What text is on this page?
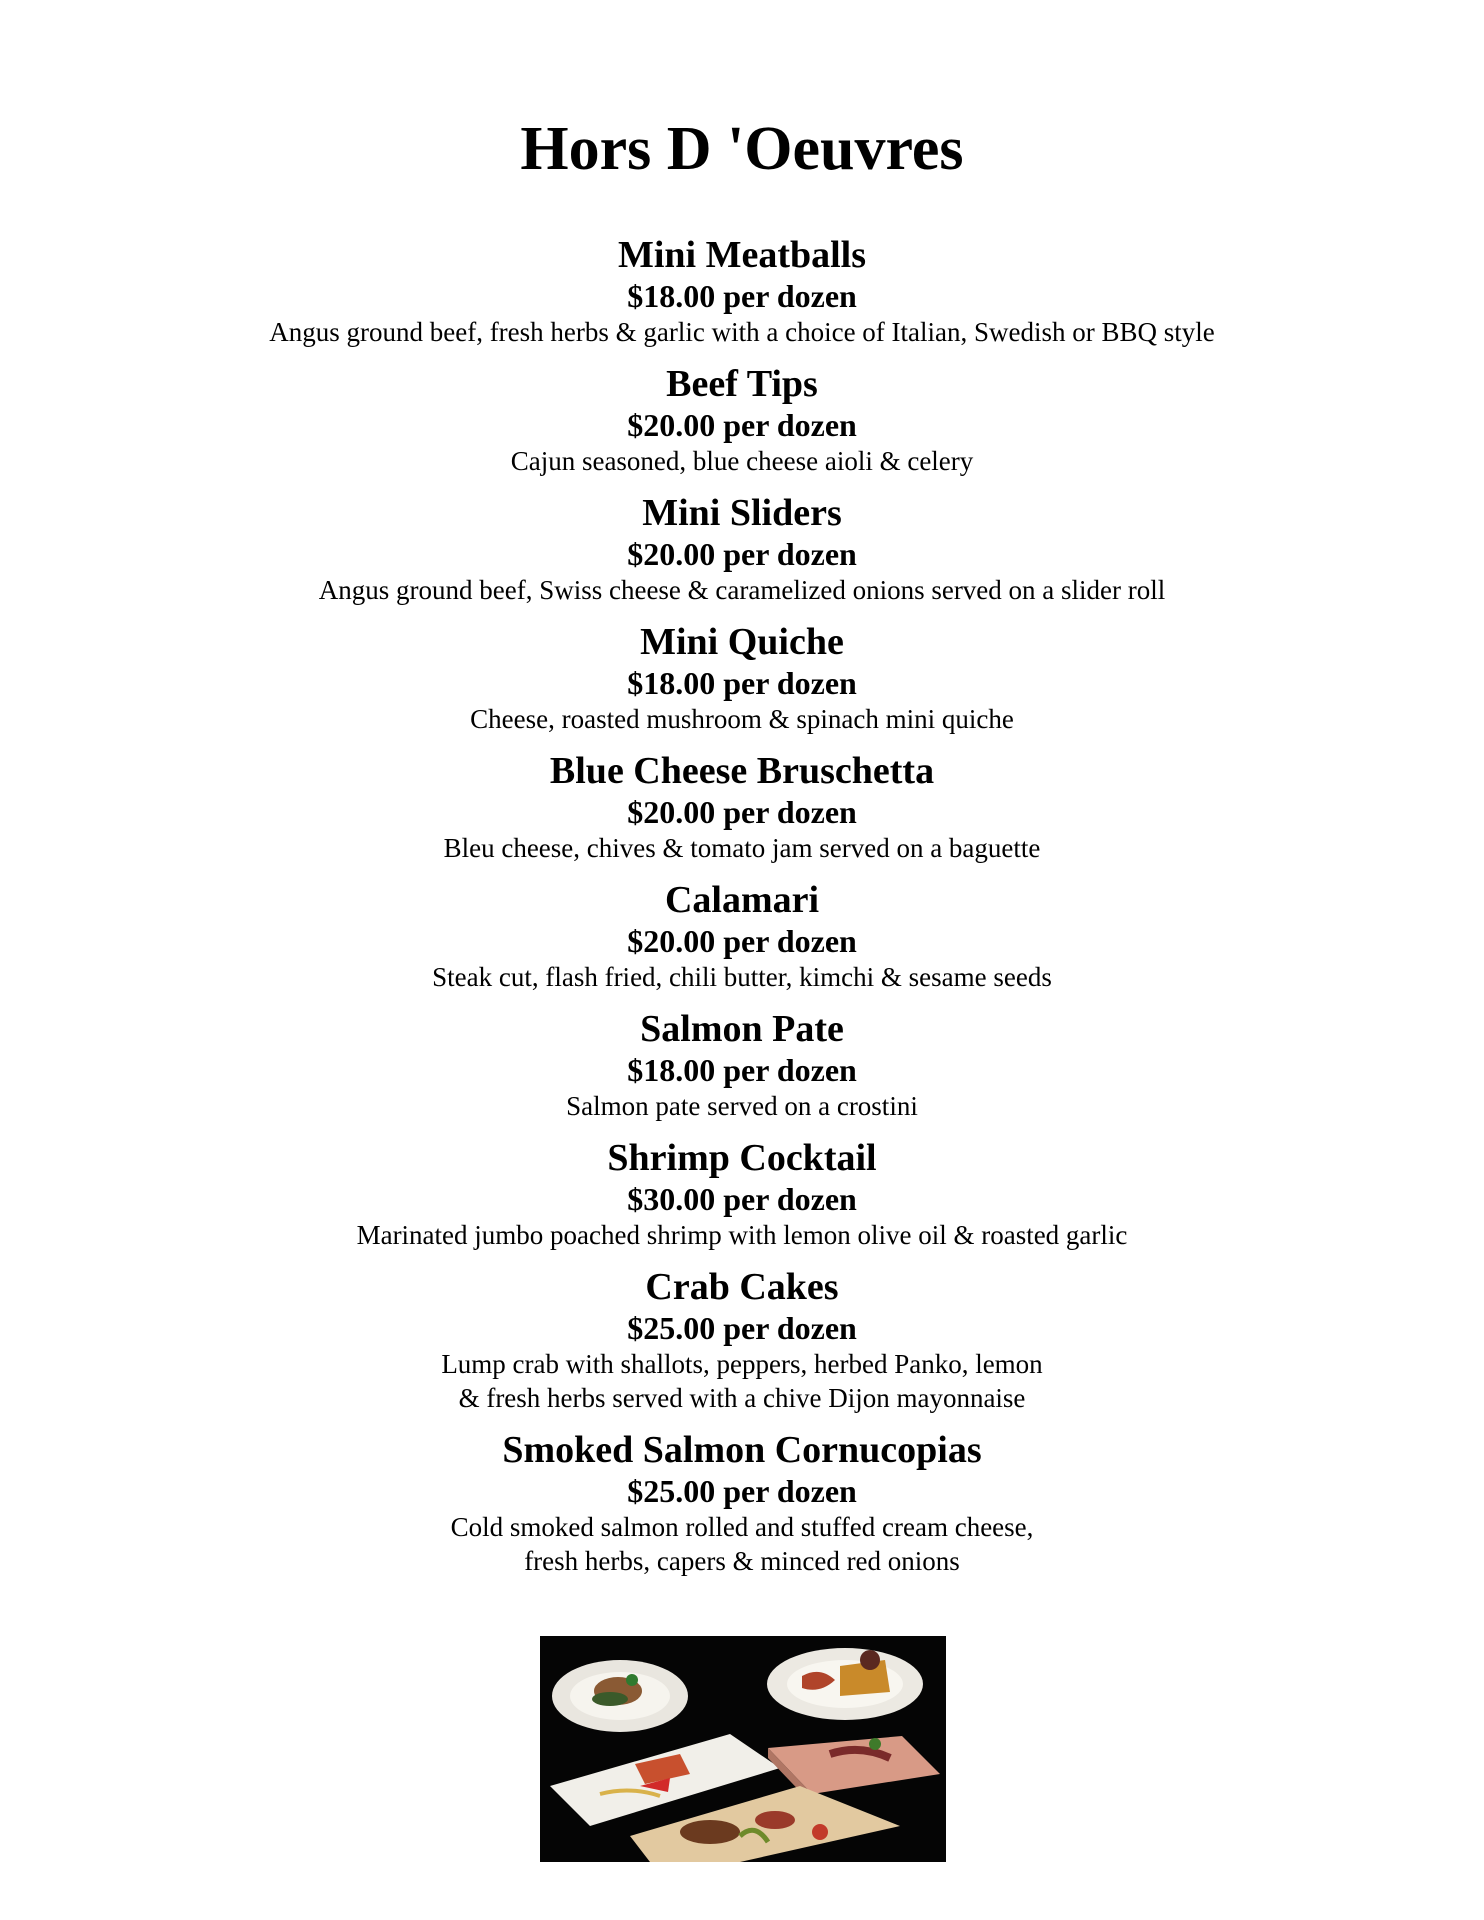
Hors D 'Oeuvres
Mini Meatballs
$18.00 per dozen
Angus ground beef, fresh herbs & garlic with a choice of Italian, Swedish or BBQ style
Beef Tips
$20.00 per dozen
Cajun seasoned, blue cheese aioli & celery
Mini Sliders
$20.00 per dozen
Angus ground beef, Swiss cheese & caramelized onions served on a slider roll
Mini Quiche
$18.00 per dozen
Cheese, roasted mushroom & spinach mini quiche
Blue Cheese Bruschetta
$20.00 per dozen
Bleu cheese, chives & tomato jam served on a baguette
Calamari
$20.00 per dozen
Steak cut, flash fried, chili butter, kimchi & sesame seeds
Salmon Pate
$18.00 per dozen
Salmon pate served on a crostini
Shrimp Cocktail
$30.00 per dozen
Marinated jumbo poached shrimp with lemon olive oil & roasted garlic
Crab Cakes
$25.00 per dozen
Lump crab with shallots, peppers, herbed Panko, lemon
& fresh herbs served with a chive Dijon mayonnaise
Smoked Salmon Cornucopias
$25.00 per dozen
Cold smoked salmon rolled and stuffed cream cheese,
fresh herbs, capers & minced red onions
